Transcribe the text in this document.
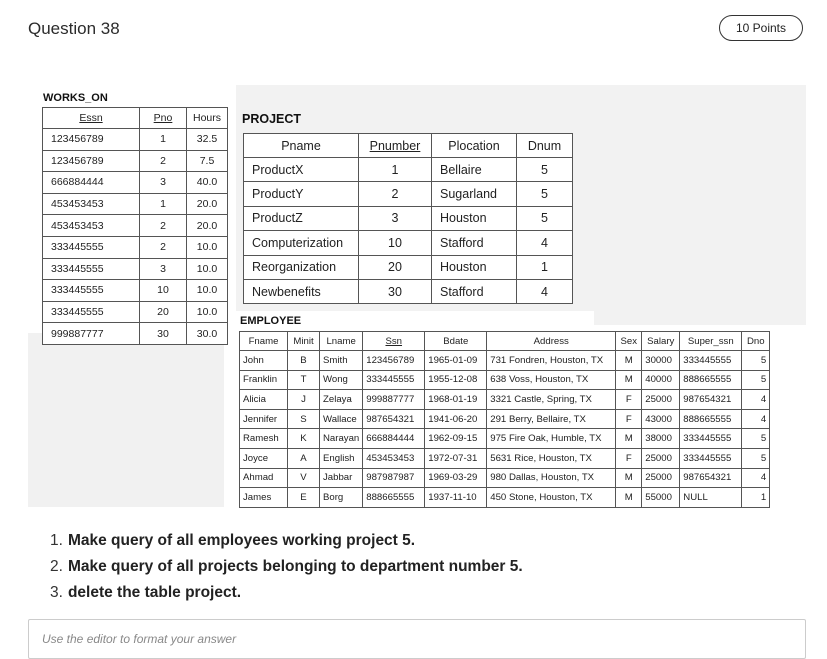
Question 38	10 Points
WORKS_ON
Essn	Pno	Hours
123456789	1	32.5
123456789	2	7.5
666884444	3	40.0
453453453	1	20.0
453453453	2	20.0
333445555	2	10.0
333445555	3	10.0
333445555	10	10.0
333445555	20	10.0
999887777	30	30.0
PROJECT
Pname	Pnumber	Plocation	Dnum
ProductX	1	Bellaire	5
ProductY	2	Sugarland	5
ProductZ	3	Houston	5
Computerization	10	Stafford	4
Reorganization	20	Houston	1
Newbenefits	30	Stafford	4
EMPLOYEE
Fname	Minit	Lname	Ssn	Bdate	Address	Sex	Salary	Super_ssn	Dno
John	B	Smith	123456789	1965-01-09	731 Fondren, Houston, TX	M	30000	333445555	5
Franklin	T	Wong	333445555	1955-12-08	638 Voss, Houston, TX	M	40000	888665555	5
Alicia	J	Zelaya	999887777	1968-01-19	3321 Castle, Spring, TX	F	25000	987654321	4
Jennifer	S	Wallace	987654321	1941-06-20	291 Berry, Bellaire, TX	F	43000	888665555	4
Ramesh	K	Narayan	666884444	1962-09-15	975 Fire Oak, Humble, TX	M	38000	333445555	5
Joyce	A	English	453453453	1972-07-31	5631 Rice, Houston, TX	F	25000	333445555	5
Ahmad	V	Jabbar	987987987	1969-03-29	980 Dallas, Houston, TX	M	25000	987654321	4
James	E	Borg	888665555	1937-11-10	450 Stone, Houston, TX	M	55000	NULL	1
1. Make query of all employees working project 5.
2. Make query of all projects belonging to department number 5.
3. delete the table project.
Use the editor to format your answer
